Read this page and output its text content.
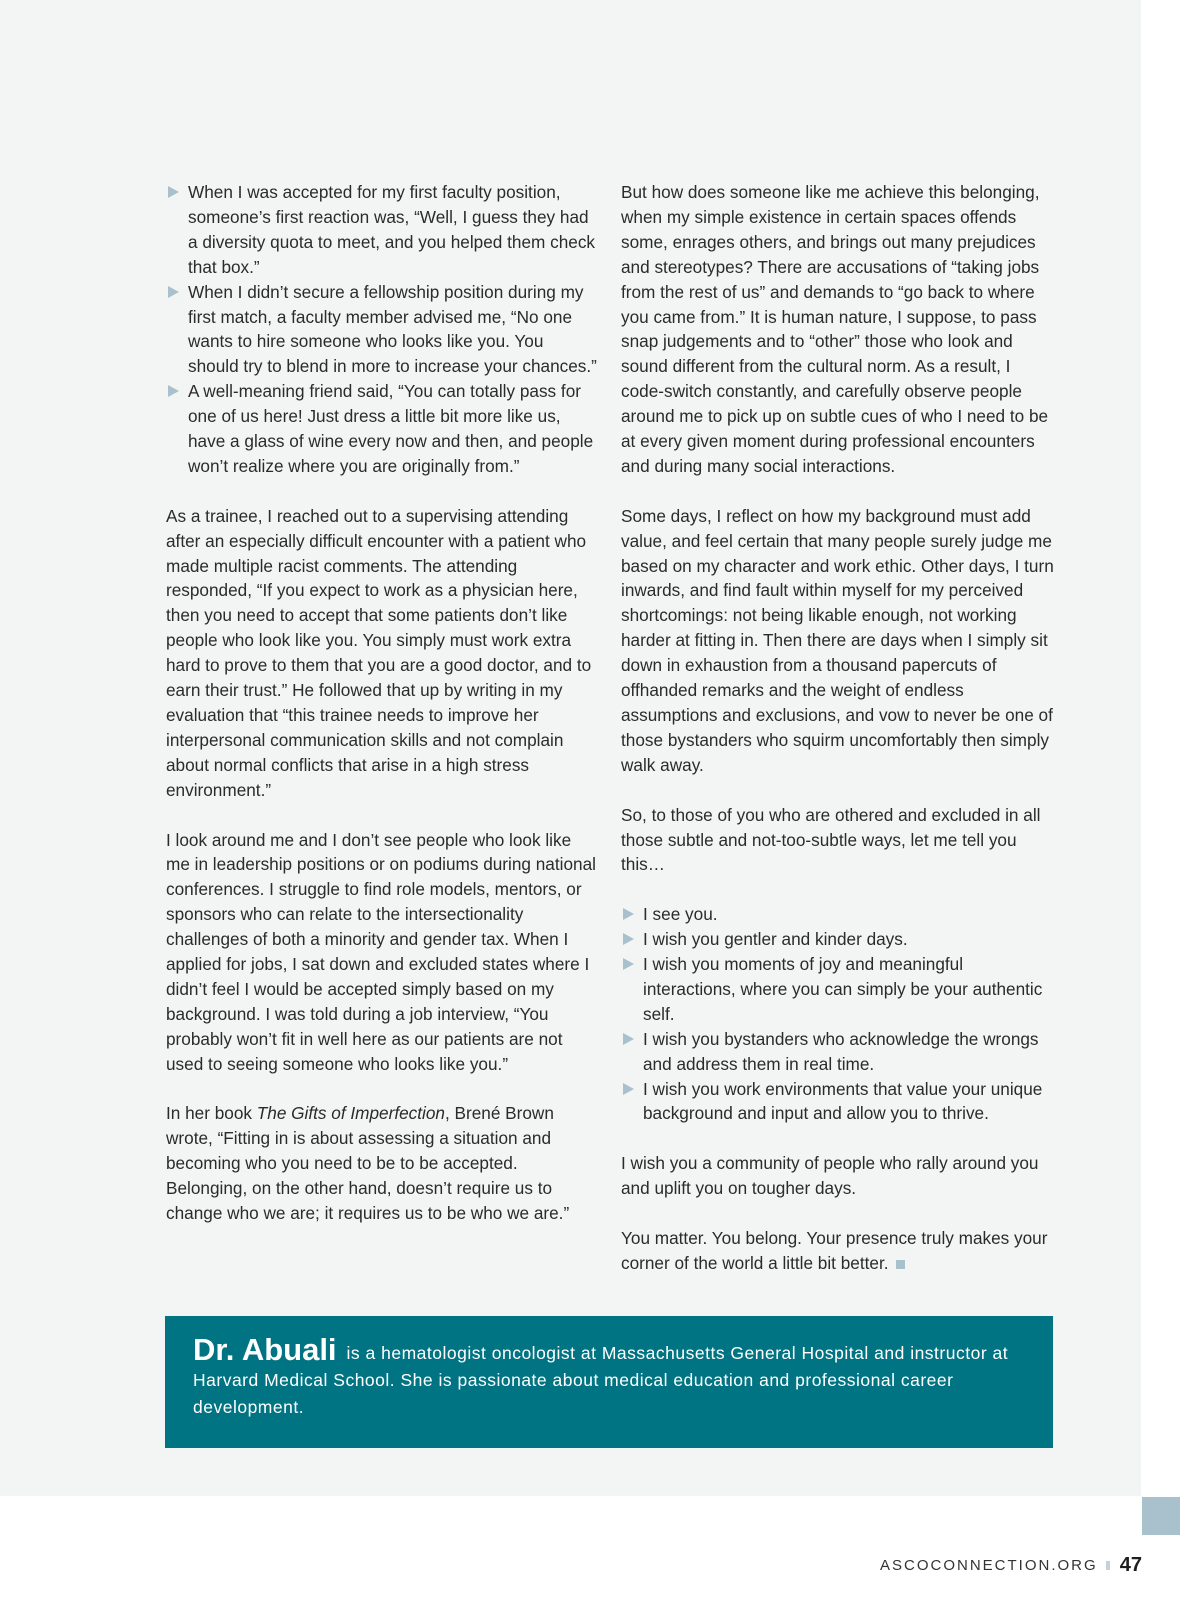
When I was accepted for my first faculty position, someone’s first reaction was, “Well, I guess they had a diversity quota to meet, and you helped them check that box.”
When I didn’t secure a fellowship position during my first match, a faculty member advised me, “No one wants to hire someone who looks like you. You should try to blend in more to increase your chances.”
A well-meaning friend said, “You can totally pass for one of us here! Just dress a little bit more like us, have a glass of wine every now and then, and people won’t realize where you are originally from.”

As a trainee, I reached out to a supervising attending after an especially difficult encounter with a patient who made multiple racist comments. The attending responded, “If you expect to work as a physician here, then you need to accept that some patients don’t like people who look like you. You simply must work extra hard to prove to them that you are a good doctor, and to earn their trust.” He followed that up by writing in my evaluation that “this trainee needs to improve her interpersonal communication skills and not complain about normal conflicts that arise in a high stress environment.”

I look around me and I don’t see people who look like me in leadership positions or on podiums during national conferences. I struggle to find role models, mentors, or sponsors who can relate to the intersectionality challenges of both a minority and gender tax. When I applied for jobs, I sat down and excluded states where I didn’t feel I would be accepted simply based on my background. I was told during a job interview, “You probably won’t fit in well here as our patients are not used to seeing someone who looks like you.”

In her book The Gifts of Imperfection, Brené Brown wrote, “Fitting in is about assessing a situation and becoming who you need to be to be accepted. Belonging, on the other hand, doesn’t require us to change who we are; it requires us to be who we are.”

But how does someone like me achieve this belonging, when my simple existence in certain spaces offends some, enrages others, and brings out many prejudices and stereotypes? There are accusations of “taking jobs from the rest of us” and demands to “go back to where you came from.” It is human nature, I suppose, to pass snap judgements and to “other” those who look and sound different from the cultural norm. As a result, I code-switch constantly, and carefully observe people around me to pick up on subtle cues of who I need to be at every given moment during professional encounters and during many social interactions.

Some days, I reflect on how my background must add value, and feel certain that many people surely judge me based on my character and work ethic. Other days, I turn inwards, and find fault within myself for my perceived shortcomings: not being likable enough, not working harder at fitting in. Then there are days when I simply sit down in exhaustion from a thousand papercuts of offhanded remarks and the weight of endless assumptions and exclusions, and vow to never be one of those bystanders who squirm uncomfortably then simply walk away.

So, to those of you who are othered and excluded in all those subtle and not-too-subtle ways, let me tell you this…

I see you.
I wish you gentler and kinder days.
I wish you moments of joy and meaningful interactions, where you can simply be your authentic self.
I wish you bystanders who acknowledge the wrongs and address them in real time.
I wish you work environments that value your unique background and input and allow you to thrive.

I wish you a community of people who rally around you and uplift you on tougher days.

You matter. You belong. Your presence truly makes your corner of the world a little bit better.

Dr. Abuali is a hematologist oncologist at Massachusetts General Hospital and instructor at Harvard Medical School. She is passionate about medical education and professional career development.
ASCOCONNECTION.ORG 47
